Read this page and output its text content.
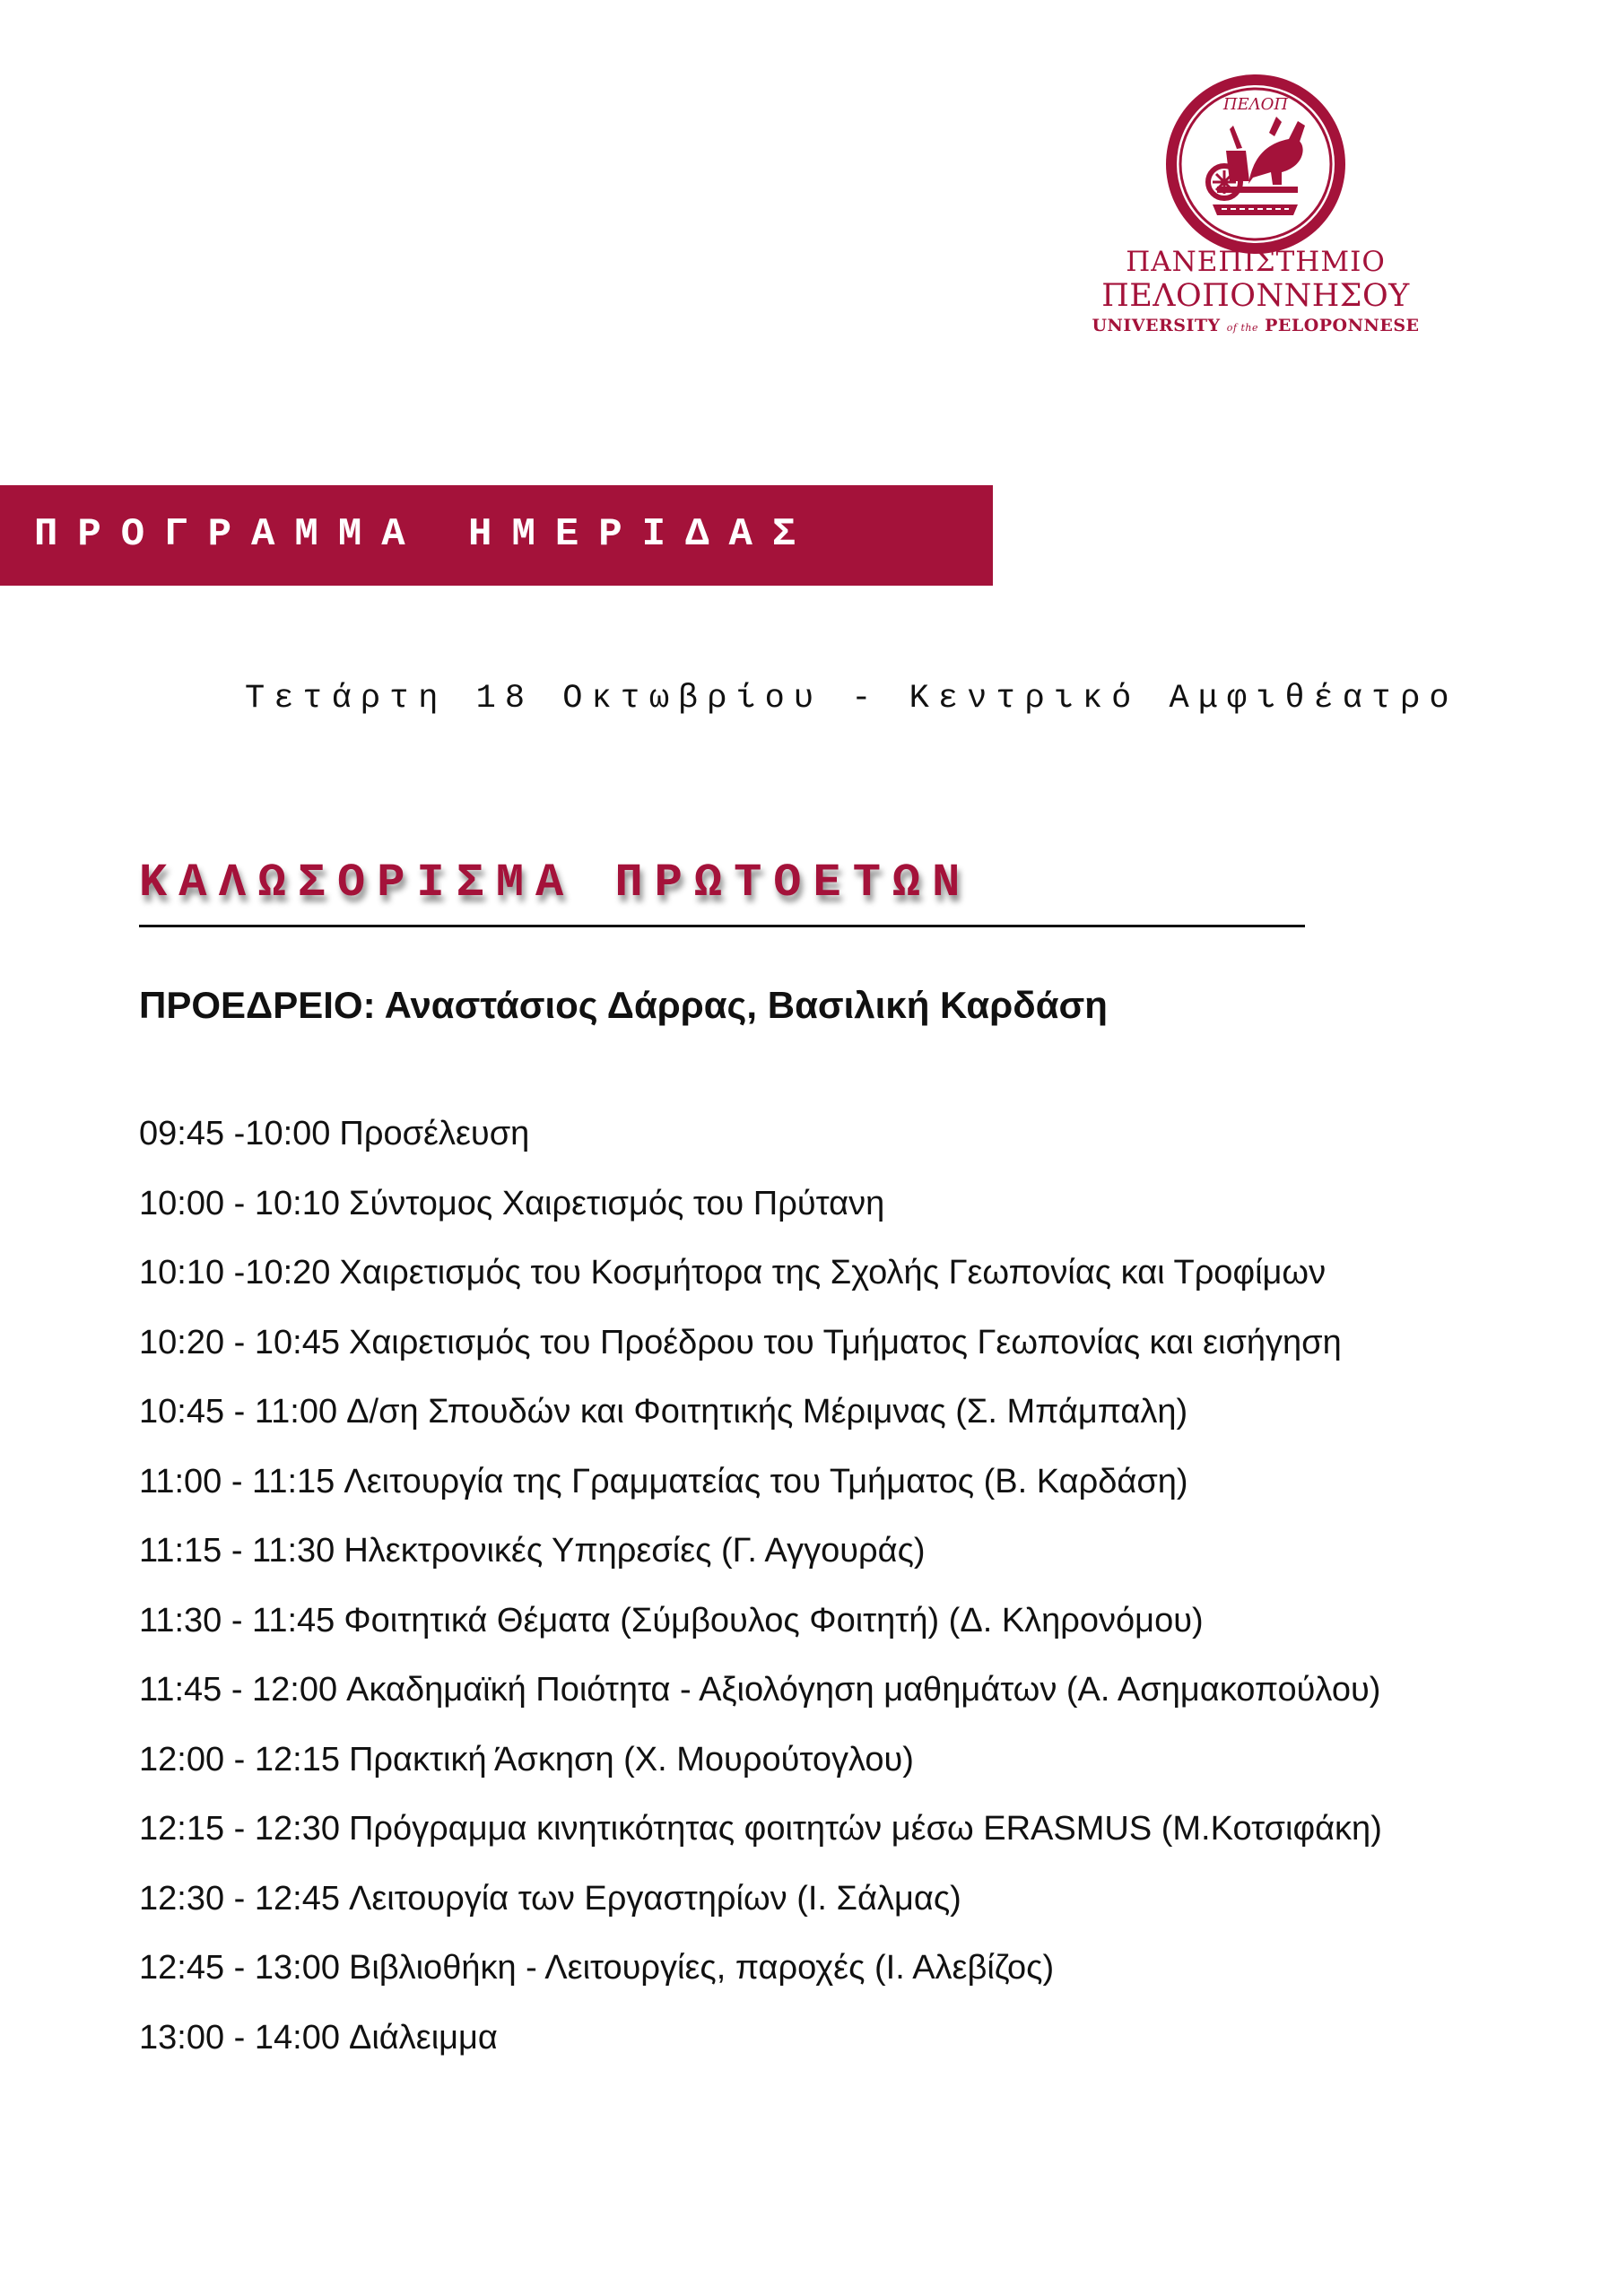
ΠΕΛΟΠ
ΠΑΝΕΠΙΣΤΗΜΙΟ
ΠΕΛΟΠΟΝΝΗΣΟΥ
UNIVERSITY of the PELOPONNESE
ΠΡΟΓΡΑΜΜΑ ΗΜΕΡΙΔΑΣ
Τετάρτη 18 Οκτωβρίου - Κεντρικό Αμφιθέατρο
ΚΑΛΩΣΟΡΙΣΜΑ ΠΡΩΤΟΕΤΩΝ
ΠΡΟΕΔΡΕΙΟ: Αναστάσιος Δάρρας, Βασιλική Καρδάση
09:45 -10:00 Προσέλευση
10:00 - 10:10 Σύντομος Χαιρετισμός του Πρύτανη
10:10 -10:20 Χαιρετισμός του Κοσμήτορα της Σχολής Γεωπονίας και Τροφίμων
10:20 - 10:45 Χαιρετισμός του Προέδρου του Τμήματος Γεωπονίας και εισήγηση
10:45 - 11:00 Δ/ση Σπουδών και Φοιτητικής Μέριμνας (Σ. Μπάμπαλη)
11:00 - 11:15 Λειτουργία της Γραμματείας του Τμήματος (Β. Καρδάση)
11:15 - 11:30 Ηλεκτρονικές Υπηρεσίες (Γ. Αγγουράς)
11:30 - 11:45 Φοιτητικά Θέματα (Σύμβουλος Φοιτητή) (Δ. Κληρονόμου)
11:45 - 12:00 Ακαδημαϊκή Ποιότητα - Αξιολόγηση μαθημάτων (Α. Ασημακοπούλου)
12:00 - 12:15 Πρακτική Άσκηση (Χ. Μουρούτογλου)
12:15 - 12:30 Πρόγραμμα κινητικότητας φοιτητών μέσω ERASMUS (Μ.Κοτσιφάκη)
12:30 - 12:45 Λειτουργία των Εργαστηρίων (Ι. Σάλμας)
12:45 - 13:00 Βιβλιοθήκη - Λειτουργίες, παροχές (Ι. Αλεβίζος)
13:00 - 14:00 Διάλειμμα
